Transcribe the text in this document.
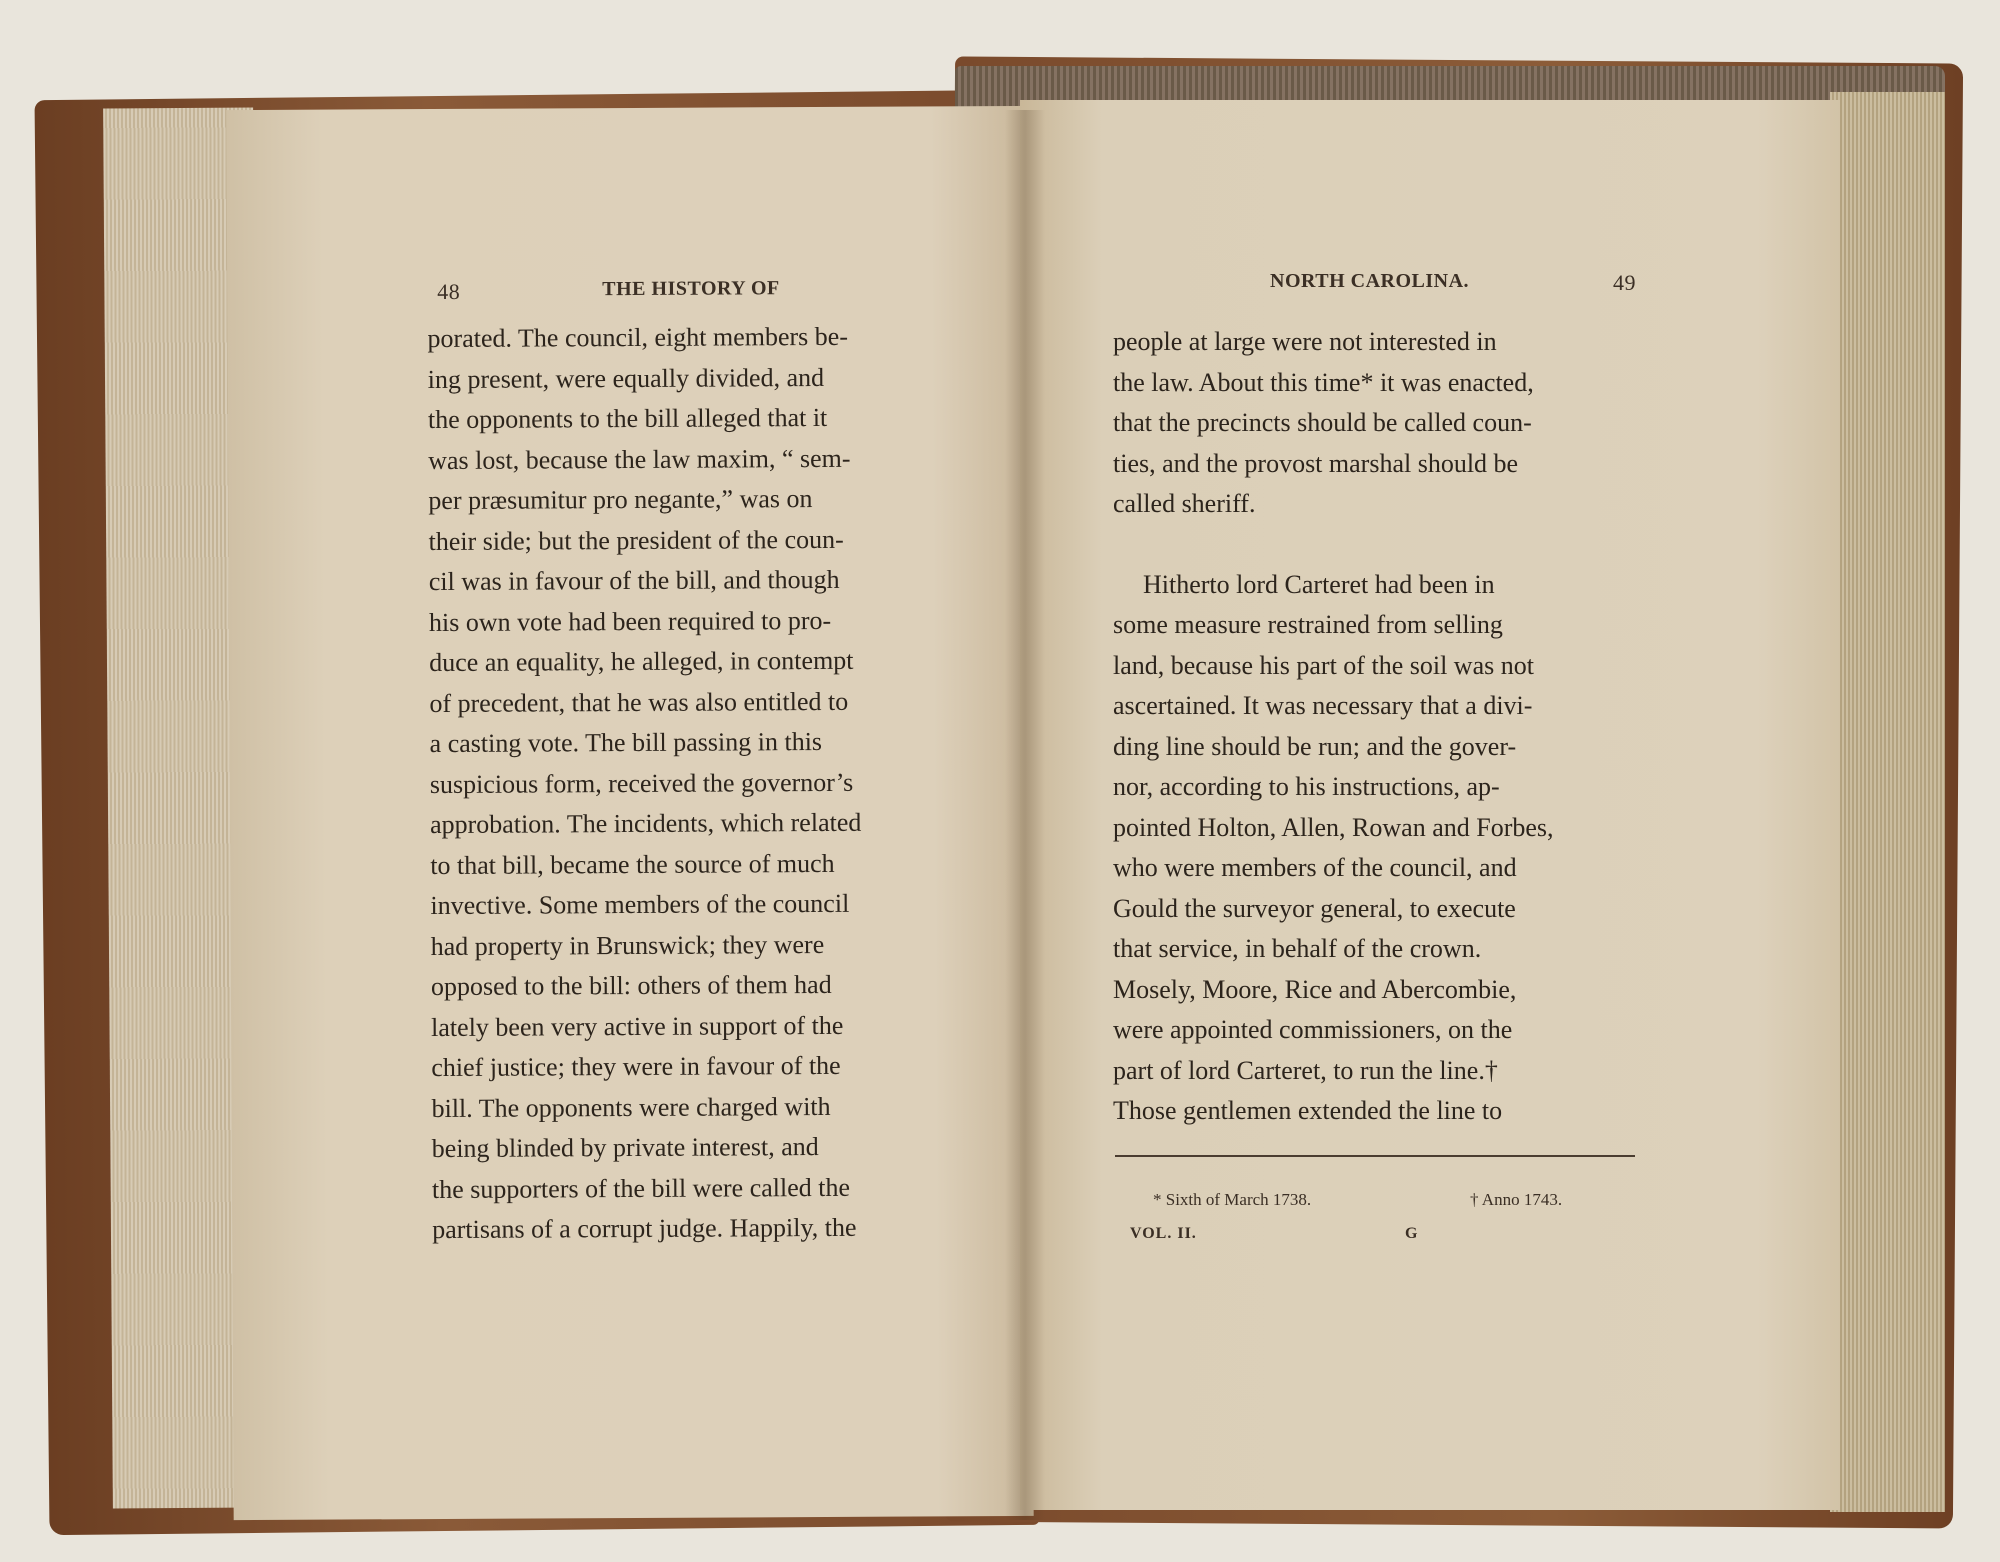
48	THE HISTORY OF

porated. The council, eight members be-

ing present, were equally divided, and

the opponents to the bill alleged that it

was lost, because the law maxim, “ sem-

per præsumitur pro negante,” was on

their side; but the president of the coun-

cil was in favour of the bill, and though

his own vote had been required to pro-

duce an equality, he alleged, in contempt

of precedent, that he was also entitled to

a casting vote. The bill passing in this

suspicious form, received the governor’s

approbation. The incidents, which related

to that bill, became the source of much

invective. Some members of the council

had property in Brunswick; they were

opposed to the bill: others of them had

lately been very active in support of the

chief justice; they were in favour of the

bill. The opponents were charged with

being blinded by private interest, and

the supporters of the bill were called the

partisans of a corrupt judge. Happily, the

NORTH CAROLINA.	49

people at large were not interested in

the law. About this time* it was enacted,

that the precincts should be called coun-

ties, and the provost marshal should be

called sheriff.

Hitherto lord Carteret had been in

some measure restrained from selling

land, because his part of the soil was not

ascertained. It was necessary that a divi-

ding line should be run; and the gover-

nor, according to his instructions, ap-

pointed Holton, Allen, Rowan and Forbes,

who were members of the council, and

Gould the surveyor general, to execute

that service, in behalf of the crown.

Mosely, Moore, Rice and Abercombie,

were appointed commissioners, on the

part of lord Carteret, to run the line.†

Those gentlemen extended the line to

* Sixth of March 1738.	† Anno 1743.
VOL. II.	G
